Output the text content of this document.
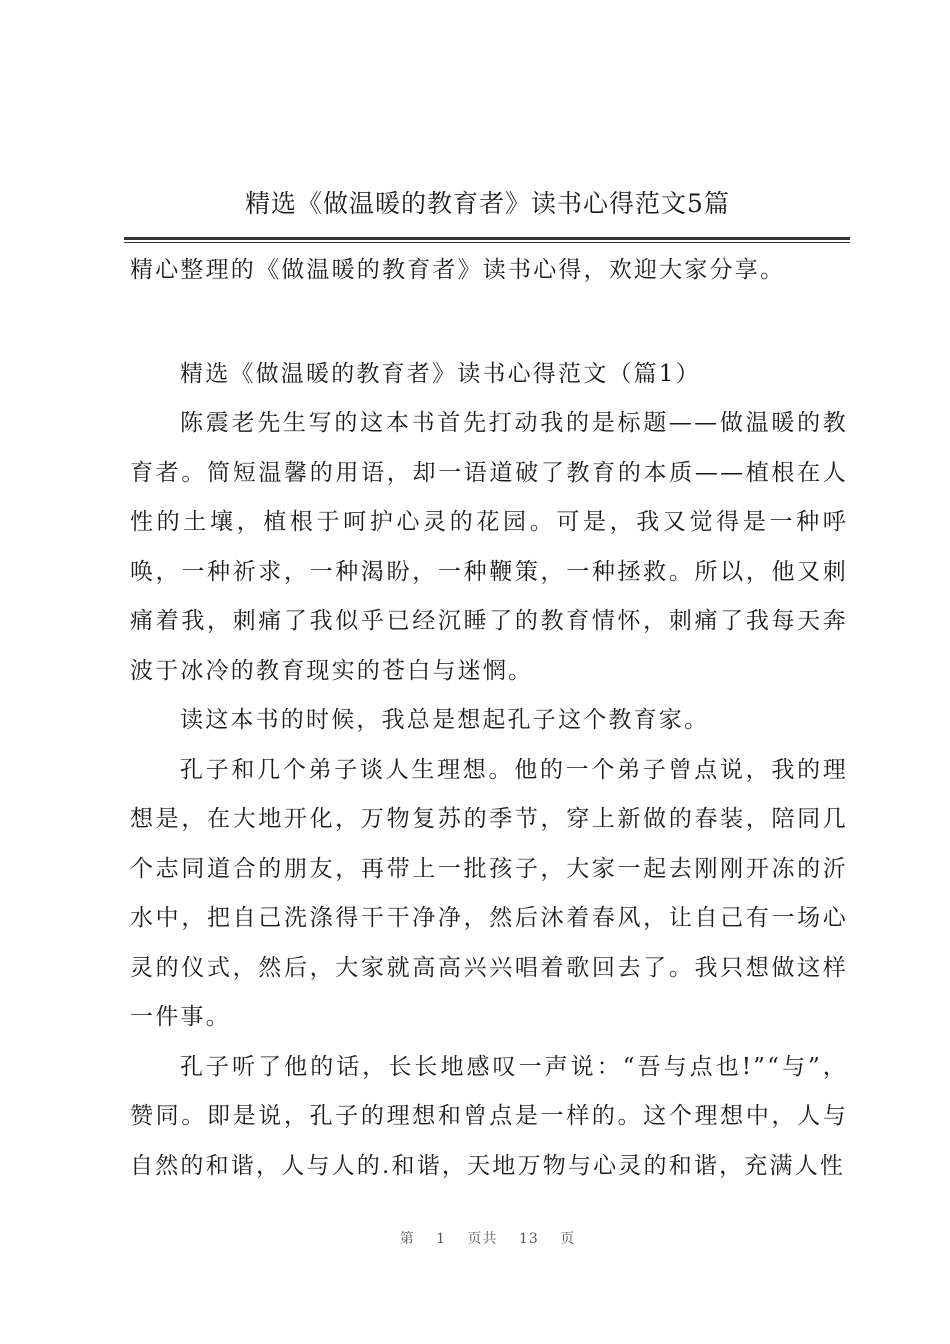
精选《做温暖的教育者》读书心得范文5篇

精心整理的《做温暖的教育者》读书心得，欢迎大家分享。

精选《做温暖的教育者》读书心得范文（篇1）

陈震老先生写的这本书首先打动我的是标题——做温暖的教育者。简短温馨的用语，却一语道破了教育的本质——植根在人性的土壤，植根于呵护心灵的花园。可是，我又觉得是一种呼唤，一种祈求，一种渴盼，一种鞭策，一种拯救。所以，他又刺痛着我，刺痛了我似乎已经沉睡了的教育情怀，刺痛了我每天奔波于冰冷的教育现实的苍白与迷惘。

读这本书的时候，我总是想起孔子这个教育家。

孔子和几个弟子谈人生理想。他的一个弟子曾点说，我的理想是，在大地开化，万物复苏的季节，穿上新做的春装，陪同几个志同道合的朋友，再带上一批孩子，大家一起去刚刚开冻的沂水中，把自己洗涤得干干净净，然后沐着春风，让自己有一场心灵的仪式，然后，大家就高高兴兴唱着歌回去了。我只想做这样一件事。

孔子听了他的话，长长地感叹一声说：“吾与点也!”“与”，赞同。即是说，孔子的理想和曾点是一样的。这个理想中，人与自然的和谐，人与人的.和谐，天地万物与心灵的和谐，充满人性

第 1 页共 13 页
